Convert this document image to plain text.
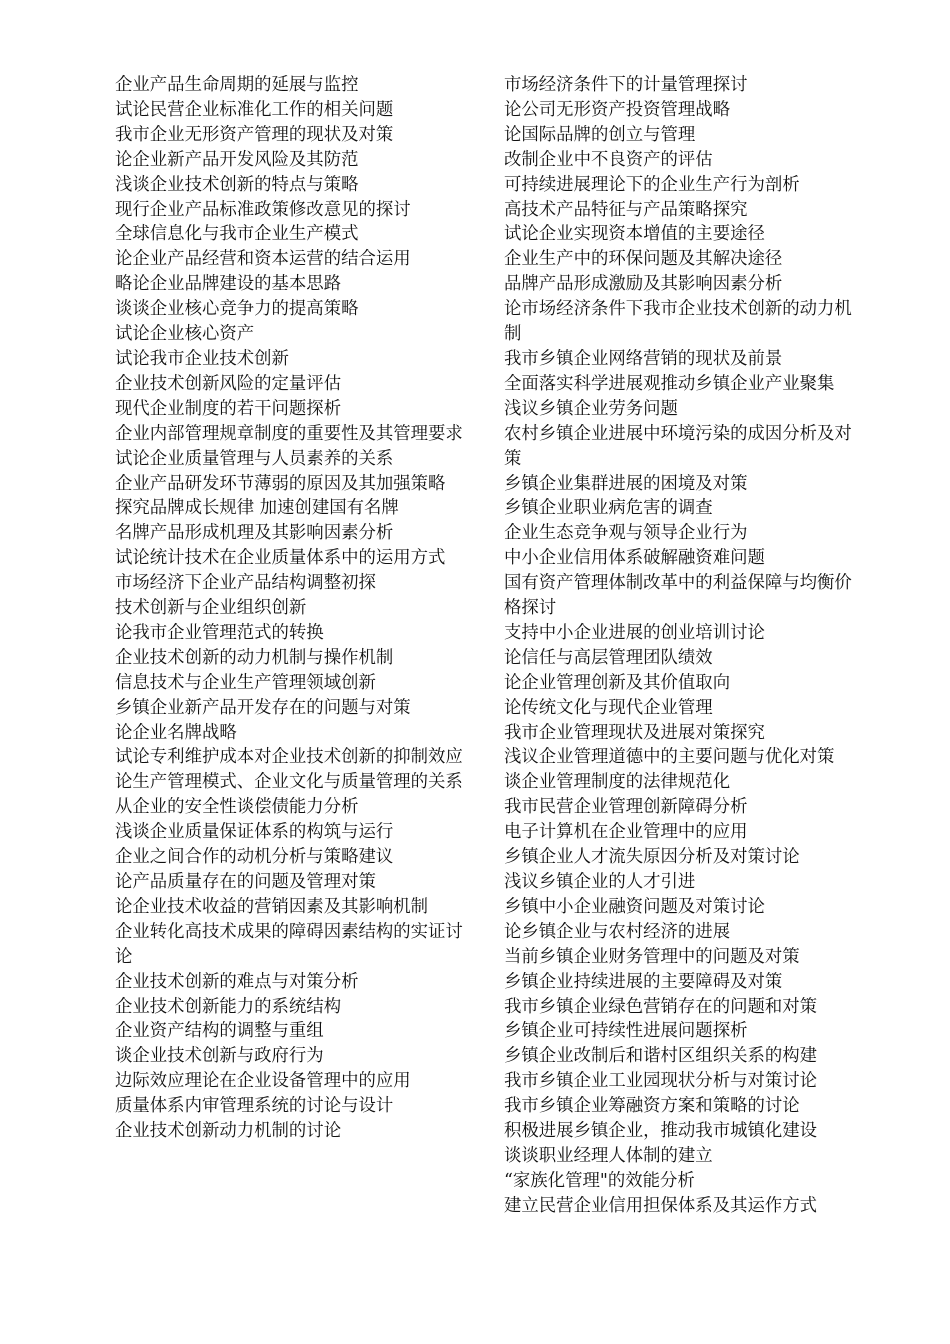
企业产品生命周期的延展与监控
试论民营企业标准化工作的相关问题
我市企业无形资产管理的现状及对策
论企业新产品开发风险及其防范
浅谈企业技术创新的特点与策略
现行企业产品标准政策修改意见的探讨
全球信息化与我市企业生产模式
论企业产品经营和资本运营的结合运用
略论企业品牌建设的基本思路
谈谈企业核心竞争力的提高策略
试论企业核心资产
试论我市企业技术创新
企业技术创新风险的定量评估
现代企业制度的若干问题探析
企业内部管理规章制度的重要性及其管理要求
试论企业质量管理与人员素养的关系
企业产品研发环节薄弱的原因及其加强策略
探究品牌成长规律 加速创建国有名牌
名牌产品形成机理及其影响因素分析
试论统计技术在企业质量体系中的运用方式
市场经济下企业产品结构调整初探
技术创新与企业组织创新
论我市企业管理范式的转换
企业技术创新的动力机制与操作机制
信息技术与企业生产管理领域创新
乡镇企业新产品开发存在的问题与对策
论企业名牌战略
试论专利维护成本对企业技术创新的抑制效应
论生产管理模式、企业文化与质量管理的关系
从企业的安全性谈偿债能力分析
浅谈企业质量保证体系的构筑与运行
企业之间合作的动机分析与策略建议
论产品质量存在的问题及管理对策
论企业技术收益的营销因素及其影响机制
企业转化高技术成果的障碍因素结构的实证讨论
企业技术创新的难点与对策分析
企业技术创新能力的系统结构
企业资产结构的调整与重组
谈企业技术创新与政府行为
边际效应理论在企业设备管理中的应用
质量体系内审管理系统的讨论与设计
企业技术创新动力机制的讨论
市场经济条件下的计量管理探讨
论公司无形资产投资管理战略
论国际品牌的创立与管理
改制企业中不良资产的评估
可持续进展理论下的企业生产行为剖析
高技术产品特征与产品策略探究
试论企业实现资本增值的主要途径
企业生产中的环保问题及其解决途径
品牌产品形成激励及其影响因素分析
论市场经济条件下我市企业技术创新的动力机制
我市乡镇企业网络营销的现状及前景
全面落实科学进展观推动乡镇企业产业聚集
浅议乡镇企业劳务问题
农村乡镇企业进展中环境污染的成因分析及对策
乡镇企业集群进展的困境及对策
乡镇企业职业病危害的调查
企业生态竞争观与领导企业行为
中小企业信用体系破解融资难问题
国有资产管理体制改革中的利益保障与均衡价格探讨
支持中小企业进展的创业培训讨论
论信任与高层管理团队绩效
论企业管理创新及其价值取向
论传统文化与现代企业管理
我市企业管理现状及进展对策探究
浅议企业管理道德中的主要问题与优化对策
谈企业管理制度的法律规范化
我市民营企业管理创新障碍分析
电子计算机在企业管理中的应用
乡镇企业人才流失原因分析及对策讨论
浅议乡镇企业的人才引进
乡镇中小企业融资问题及对策讨论
论乡镇企业与农村经济的进展
当前乡镇企业财务管理中的问题及对策
乡镇企业持续进展的主要障碍及对策
我市乡镇企业绿色营销存在的问题和对策
乡镇企业可持续性进展问题探析
乡镇企业改制后和谐村区组织关系的构建
我市乡镇企业工业园现状分析与对策讨论
我市乡镇企业筹融资方案和策略的讨论
积极进展乡镇企业，推动我市城镇化建设
谈谈职业经理人体制的建立
“家族化管理"的效能分析
建立民营企业信用担保体系及其运作方式
